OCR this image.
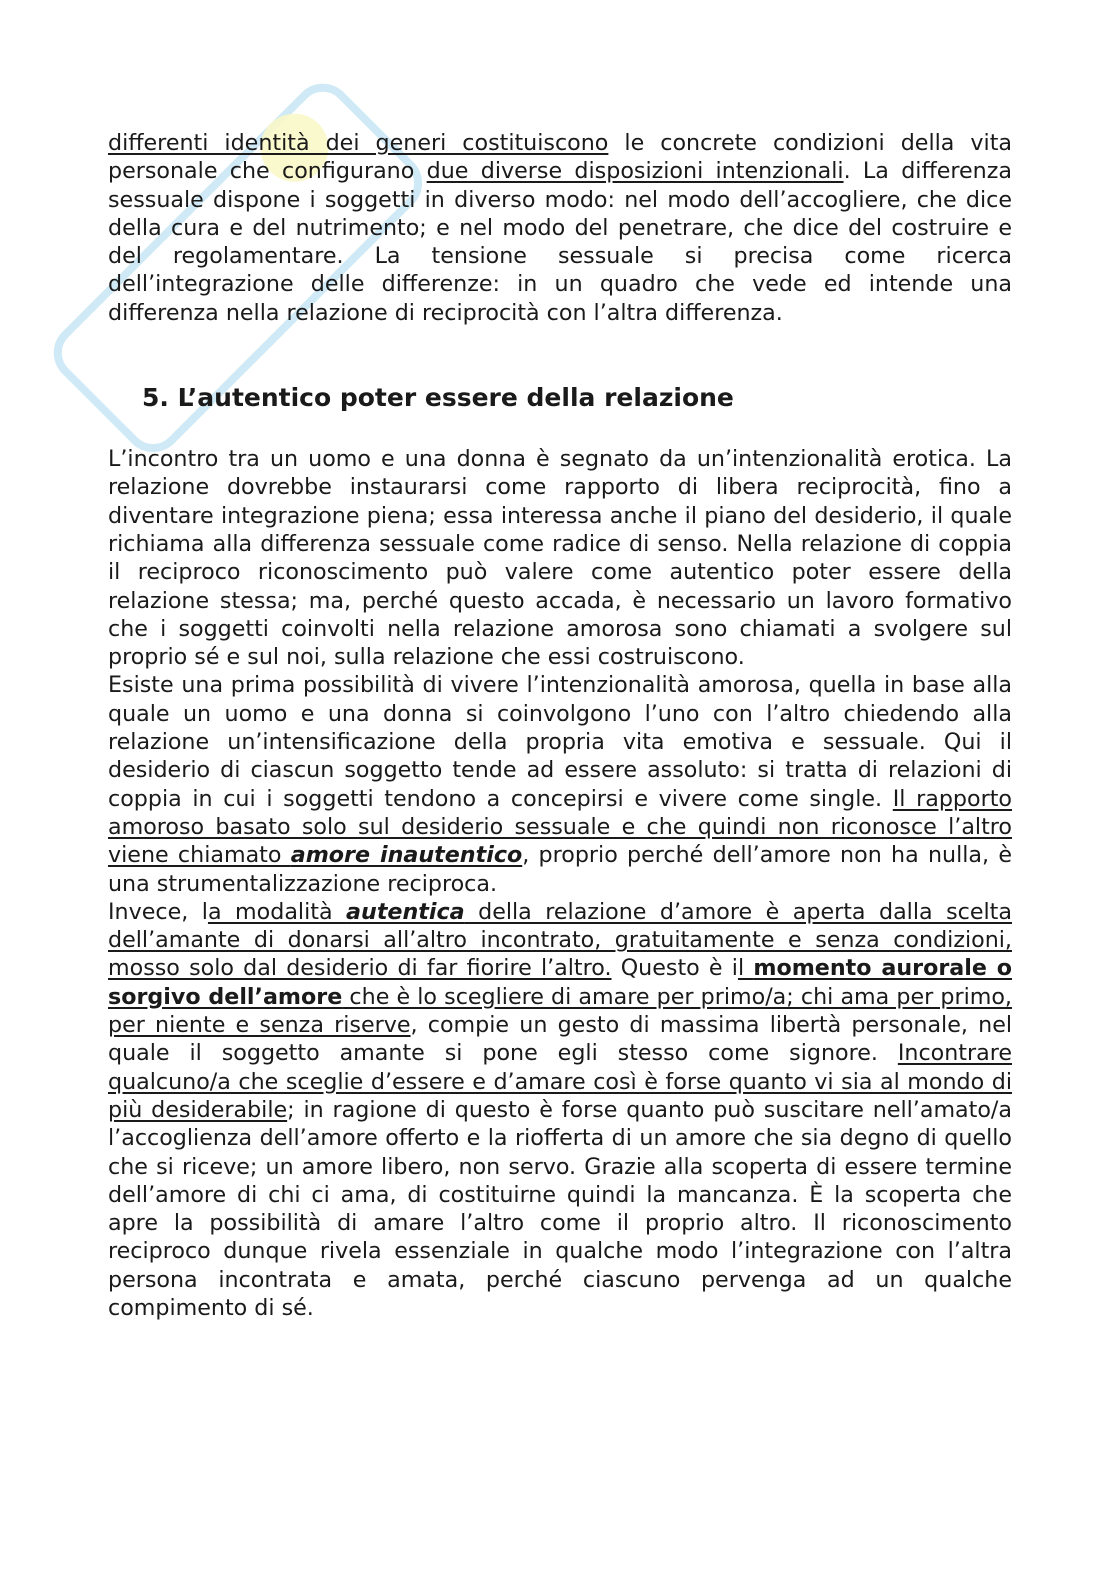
differenti identità dei generi costituiscono le concrete condizioni della vita personale che configurano due diverse disposizioni intenzionali. La differenza sessuale dispone i soggetti in diverso modo: nel modo dell’accogliere, che dice della cura e del nutrimento; e nel modo del penetrare, che dice del costruire e del regolamentare. La tensione sessuale si precisa come ricerca dell’integrazione delle differenze: in un quadro che vede ed intende una differenza nella relazione di reciprocità con l’altra differenza.

5. L’autentico poter essere della relazione

L’incontro tra un uomo e una donna è segnato da un’intenzionalità erotica. La relazione dovrebbe instaurarsi come rapporto di libera reciprocità, fino a diventare integrazione piena; essa interessa anche il piano del desiderio, il quale richiama alla differenza sessuale come radice di senso. Nella relazione di coppia il reciproco riconoscimento può valere come autentico poter essere della relazione stessa; ma, perché questo accada, è necessario un lavoro formativo che i soggetti coinvolti nella relazione amorosa sono chiamati a svolgere sul proprio sé e sul noi, sulla relazione che essi costruiscono.

Esiste una prima possibilità di vivere l’intenzionalità amorosa, quella in base alla quale un uomo e una donna si coinvolgono l’uno con l’altro chiedendo alla relazione un’intensificazione della propria vita emotiva e sessuale. Qui il desiderio di ciascun soggetto tende ad essere assoluto: si tratta di relazioni di coppia in cui i soggetti tendono a concepirsi e vivere come single. Il rapporto amoroso basato solo sul desiderio sessuale e che quindi non riconosce l’altro viene chiamato amore inautentico, proprio perché dell’amore non ha nulla, è una strumentalizzazione reciproca.

Invece, la modalità autentica della relazione d’amore è aperta dalla scelta dell’amante di donarsi all’altro incontrato, gratuitamente e senza condizioni, mosso solo dal desiderio di far fiorire l’altro. Questo è il momento aurorale o sorgivo dell’amore che è lo scegliere di amare per primo/a; chi ama per primo, per niente e senza riserve, compie un gesto di massima libertà personale, nel quale il soggetto amante si pone egli stesso come signore. Incontrare qualcuno/a che sceglie d’essere e d’amare così è forse quanto vi sia al mondo di più desiderabile; in ragione di questo è forse quanto può suscitare nell’amato/a l’accoglienza dell’amore offerto e la riofferta di un amore che sia degno di quello che si riceve; un amore libero, non servo. Grazie alla scoperta di essere termine dell’amore di chi ci ama, di costituirne quindi la mancanza. È la scoperta che apre la possibilità di amare l’altro come il proprio altro. Il riconoscimento reciproco dunque rivela essenziale in qualche modo l’integrazione con l’altra persona incontrata e amata, perché ciascuno pervenga ad un qualche compimento di sé.
